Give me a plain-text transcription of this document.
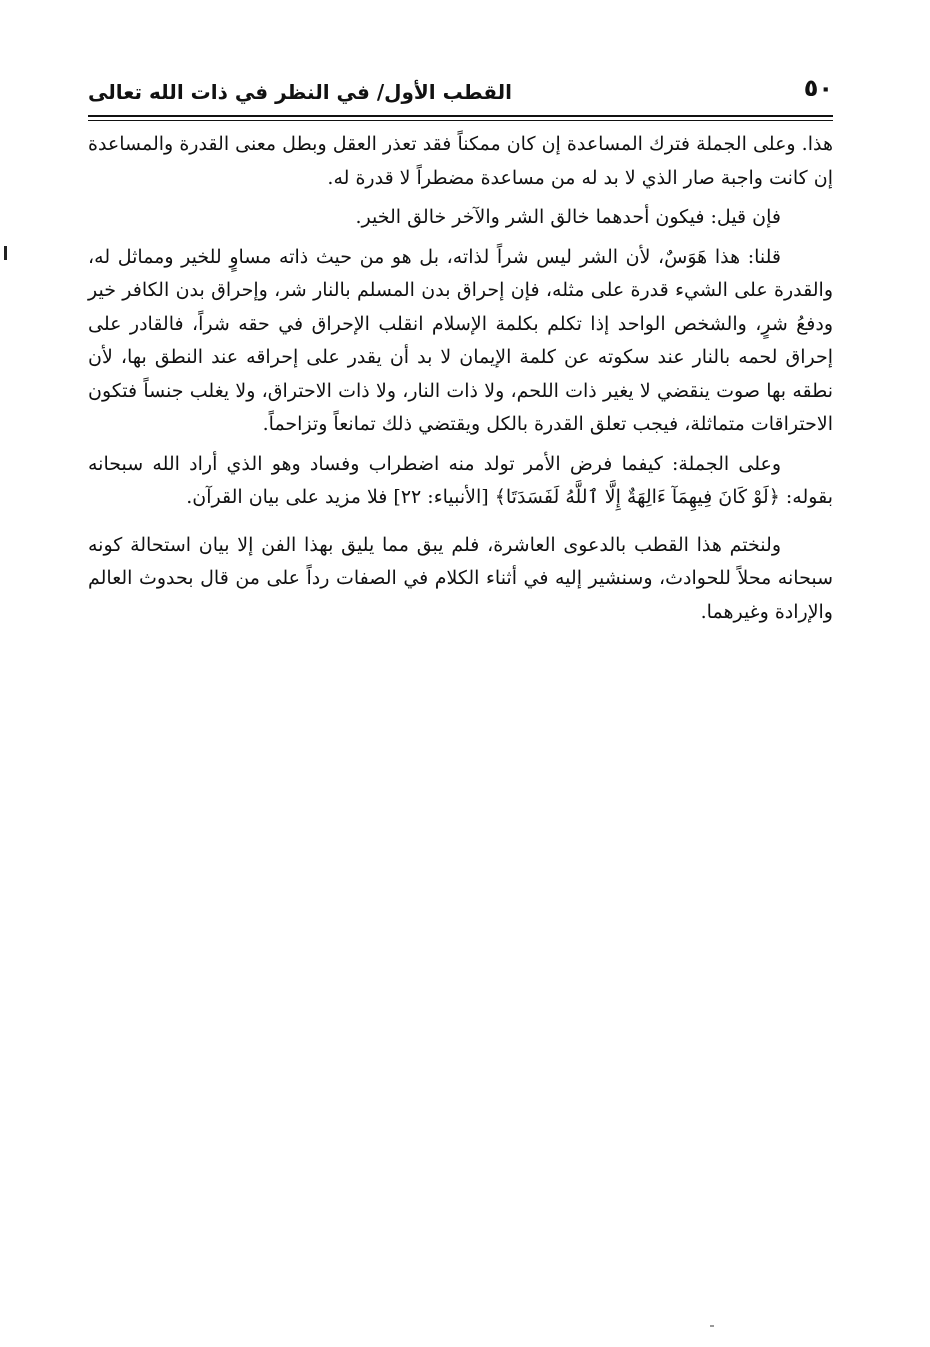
٥٠
القطب الأول/ في النظر في ذات الله تعالى

هذا. وعلى الجملة فترك المساعدة إن كان ممكناً فقد تعذر العقل وبطل معنى القدرة والمساعدة إن كانت واجبة صار الذي لا بد له من مساعدة مضطراً لا قدرة له.

فإن قيل: فيكون أحدهما خالق الشر والآخر خالق الخير.

قلنا: هذا هَوَسٌ، لأن الشر ليس شراً لذاته، بل هو من حيث ذاته مساوٍ للخير ومماثل له، والقدرة على الشيء قدرة على مثله، فإن إحراق بدن المسلم بالنار شر، وإحراق بدن الكافر خير ودفعُ شرٍ، والشخص الواحد إذا تكلم بكلمة الإسلام انقلب الإحراق في حقه شراً، فالقادر على إحراق لحمه بالنار عند سكوته عن كلمة الإيمان لا بد أن يقدر على إحراقه عند النطق بها، لأن نطقه بها صوت ينقضي لا يغير ذات اللحم، ولا ذات النار، ولا ذات الاحتراق، ولا يغلب جنساً فتكون الاحتراقات متماثلة، فيجب تعلق القدرة بالكل ويقتضي ذلك تمانعاً وتزاحماً.

وعلى الجملة: كيفما فرض الأمر تولد منه اضطراب وفساد وهو الذي أراد الله سبحانه بقوله: ﴿لَوْ كَانَ فِيهِمَآ ءَالِهَةٌ إِلَّا ٱللَّهُ لَفَسَدَتَا﴾ [الأنبياء: ٢٢] فلا مزيد على بيان القرآن.

ولنختم هذا القطب بالدعوى العاشرة، فلم يبق مما يليق بهذا الفن إلا بيان استحالة كونه سبحانه محلاً للحوادث، وسنشير إليه في أثناء الكلام في الصفات رداً على من قال بحدوث العالم والإرادة وغيرهما.
